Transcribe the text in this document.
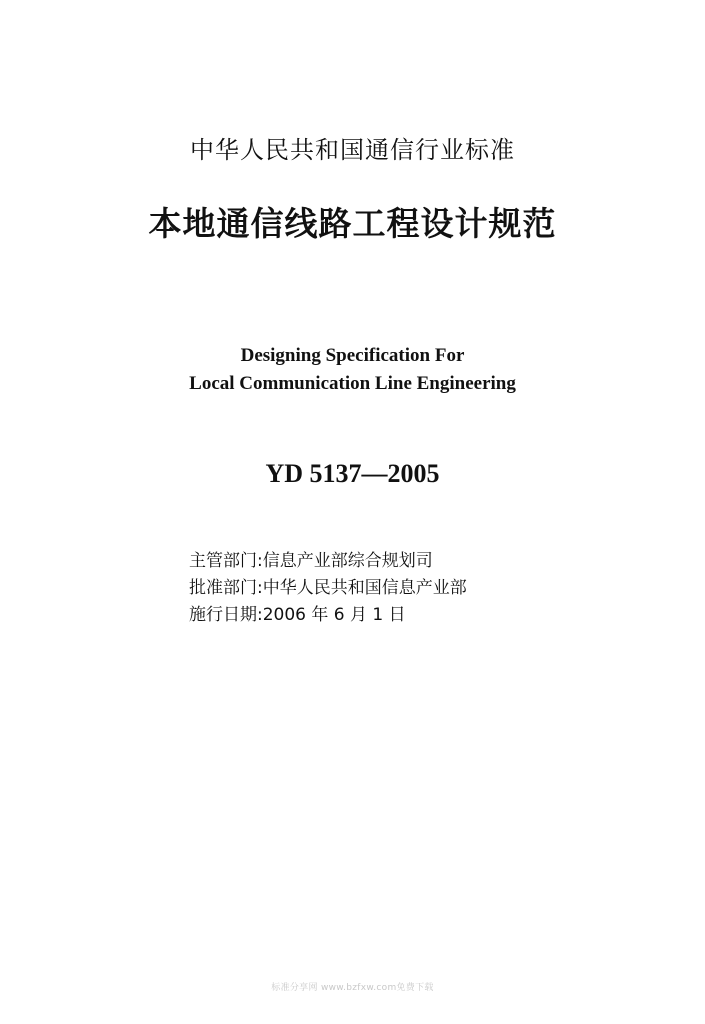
中华人民共和国通信行业标准
本地通信线路工程设计规范
Designing Specification For
Local Communication Line Engineering
YD 5137—2005
主管部门:信息产业部综合规划司
批准部门:中华人民共和国信息产业部
施行日期:2006 年 6 月 1 日
标准分享网 www.bzfxw.com免费下载
